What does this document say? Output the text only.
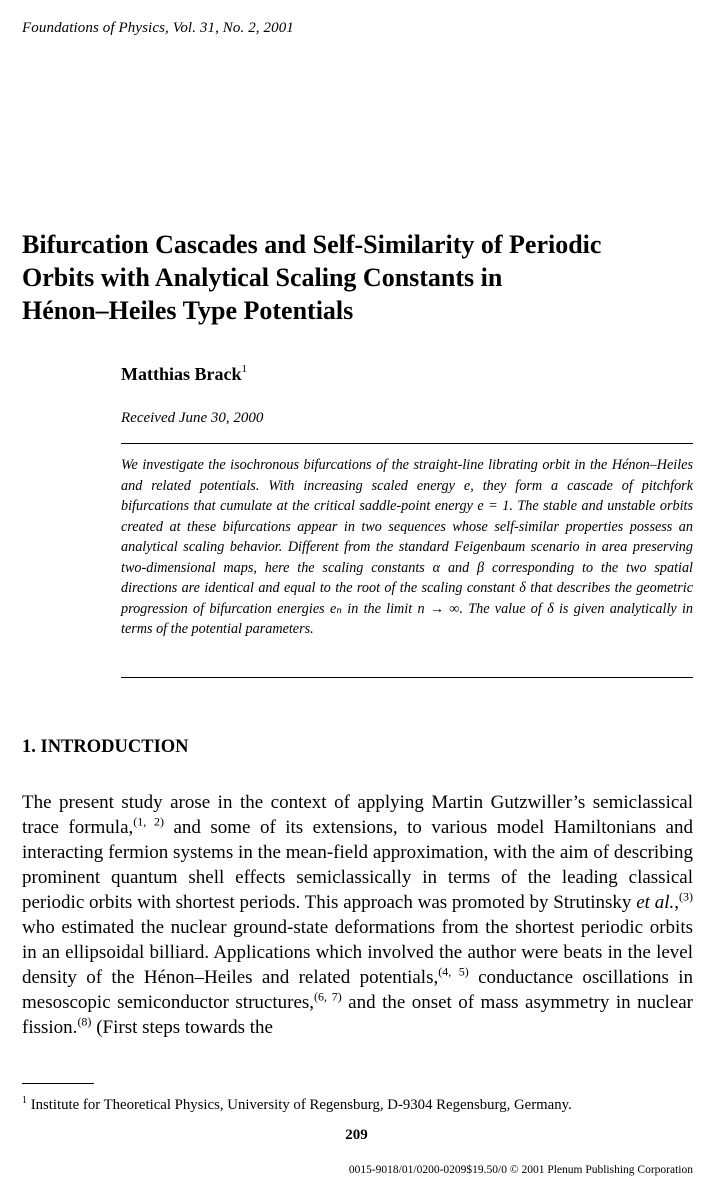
Foundations of Physics, Vol. 31, No. 2, 2001
Bifurcation Cascades and Self-Similarity of Periodic
Orbits with Analytical Scaling Constants in
Hénon–Heiles Type Potentials
Matthias Brack$^1$
Received June 30, 2000

We investigate the isochronous bifurcations of the straight-line librating orbit in the Hénon–Heiles and related potentials. With increasing scaled energy e, they form a cascade of pitchfork bifurcations that cumulate at the critical saddle-point energy e = 1. The stable and unstable orbits created at these bifurcations appear in two sequences whose self-similar properties possess an analytical scaling behavior. Different from the standard Feigenbaum scenario in area preserving two-dimensional maps, here the scaling constants α and β corresponding to the two spatial directions are identical and equal to the root of the scaling constant δ that describes the geometric progression of bifurcation energies eₙ in the limit n → ∞. The value of δ is given analytically in terms of the potential parameters.

1. INTRODUCTION

The present study arose in the context of applying Martin Gutzwiller’s semiclassical trace formula,$^{(1, 2)}$ and some of its extensions, to various model Hamiltonians and interacting fermion systems in the mean-field approximation, with the aim of describing prominent quantum shell effects semiclassically in terms of the leading classical periodic orbits with shortest periods. This approach was promoted by Strutinsky et al.,$^{(3)}$ who estimated the nuclear ground-state deformations from the shortest periodic orbits in an ellipsoidal billiard. Applications which involved the author were beats in the level density of the Hénon–Heiles and related potentials,$^{(4, 5)}$ conductance oscillations in mesoscopic semiconductor structures,$^{(6, 7)}$ and the onset of mass asymmetry in nuclear fission.$^{(8)}$ (First steps towards the

$^1$ Institute for Theoretical Physics, University of Regensburg, D-9304 Regensburg, Germany.
209
0015-9018/01/0200-0209$19.50/0 © 2001 Plenum Publishing Corporation
